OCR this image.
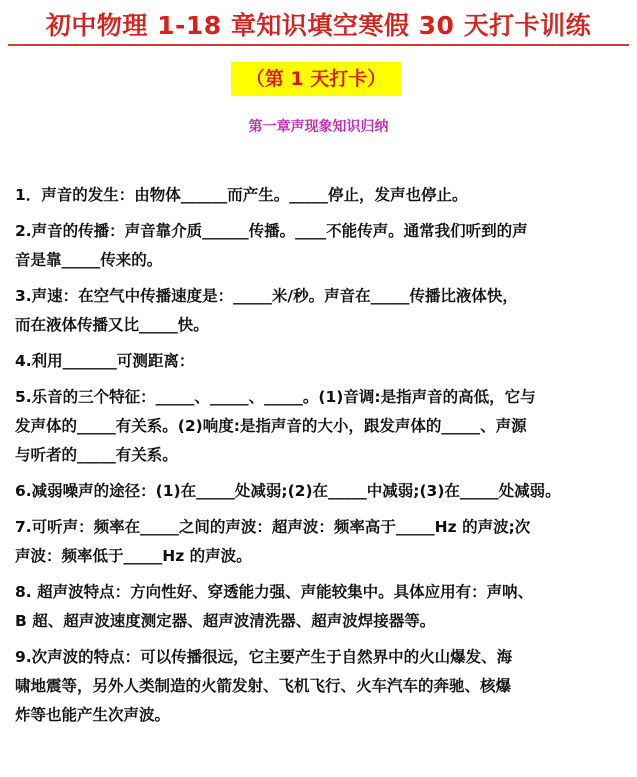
初中物理 1-18 章知识填空寒假 30 天打卡训练
（第 1 天打卡）
第一章声现象知识归纳

1．声音的发生：由物体______而产生。_____停止，发声也停止。

2.声音的传播：声音靠介质______传播。____不能传声。通常我们听到的声

音是靠_____传来的。

3.声速：在空气中传播速度是：_____米/秒。声音在_____传播比液体快，

而在液体传播又比_____快。

4.利用_______可测距离：

5.乐音的三个特征：_____、_____、_____。(1)音调:是指声音的高低，它与

发声体的_____有关系。(2)响度:是指声音的大小，跟发声体的_____、声源

与听者的_____有关系。

6.减弱噪声的途径：(1)在_____处减弱;(2)在_____中减弱;(3)在_____处减弱。

7.可听声：频率在_____之间的声波：超声波：频率高于_____Hz 的声波;次

声波：频率低于_____Hz 的声波。

8. 超声波特点：方向性好、穿透能力强、声能较集中。具体应用有：声呐、

B 超、超声波速度测定器、超声波清洗器、超声波焊接器等。

9.次声波的特点：可以传播很远，它主要产生于自然界中的火山爆发、海

啸地震等，另外人类制造的火箭发射、飞机飞行、火车汽车的奔驰、核爆

炸等也能产生次声波。
